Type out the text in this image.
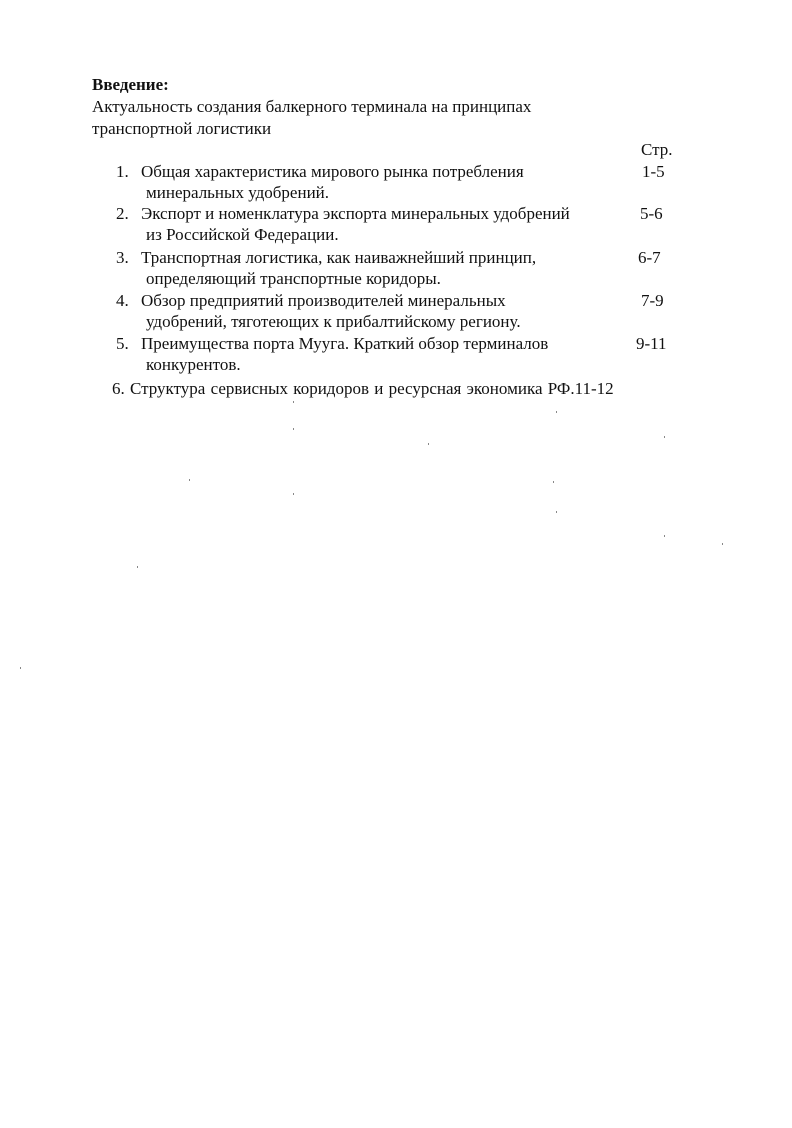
Введение:
Актуальность создания балкерного терминала на принципах
транспортной логистики
Стр.
1. Общая характеристика мирового рынка потребления
минеральных удобрений.
1-5
2. Экспорт и номенклатура экспорта минеральных удобрений
из Российской Федерации.
5-6
3. Транспортная логистика, как наиважнейший принцип,
определяющий транспортные коридоры.
6-7
4. Обзор предприятий производителей минеральных
удобрений, тяготеющих к прибалтийскому региону.
7-9
5. Преимущества порта Мууга. Краткий обзор терминалов
конкурентов.
9-11
6. Структура сервисных коридоров и ресурсная экономика РФ.11-12
